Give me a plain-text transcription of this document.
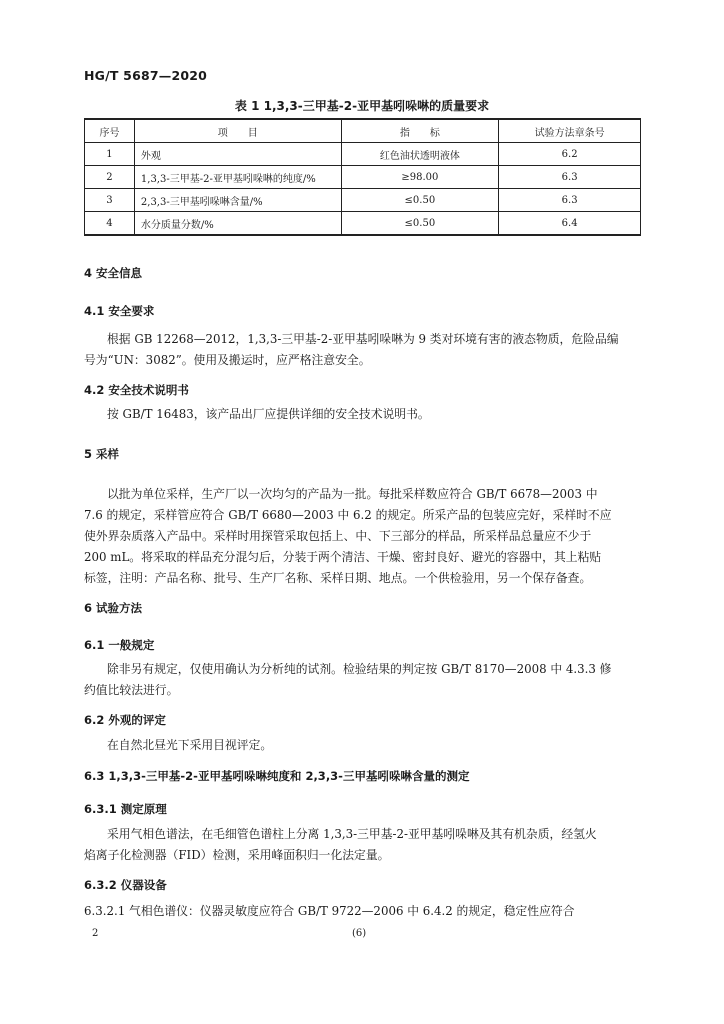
HG/T 5687—2020
表 1 1,3,3-三甲基-2-亚甲基吲哚啉的质量要求
序号	项　　目	指　　标	试验方法章条号
1	外观	红色油状透明液体	6.2
2	1,3,3-三甲基-2-亚甲基吲哚啉的纯度/%	≥98.00	6.3
3	2,3,3-三甲基吲哚啉含量/%	≤0.50	6.3
4	水分质量分数/%	≤0.50	6.4
4 安全信息
4.1 安全要求
根据 GB 12268—2012，1,3,3-三甲基-2-亚甲基吲哚啉为 9 类对环境有害的液态物质，危险品编
号为“UN：3082”。使用及搬运时，应严格注意安全。
4.2 安全技术说明书
按 GB/T 16483，该产品出厂应提供详细的安全技术说明书。
5 采样
以批为单位采样，生产厂以一次均匀的产品为一批。每批采样数应符合 GB/T 6678—2003 中
7.6 的规定，采样管应符合 GB/T 6680—2003 中 6.2 的规定。所采产品的包装应完好，采样时不应
使外界杂质落入产品中。采样时用探管采取包括上、中、下三部分的样品，所采样品总量应不少于
200 mL。将采取的样品充分混匀后，分装于两个清洁、干燥、密封良好、避光的容器中，其上粘贴
标签，注明：产品名称、批号、生产厂名称、采样日期、地点。一个供检验用，另一个保存备查。
6 试验方法
6.1 一般规定
除非另有规定，仅使用确认为分析纯的试剂。检验结果的判定按 GB/T 8170—2008 中 4.3.3 修
约值比较法进行。
6.2 外观的评定
在自然北昼光下采用目视评定。
6.3 1,3,3-三甲基-2-亚甲基吲哚啉纯度和 2,3,3-三甲基吲哚啉含量的测定
6.3.1 测定原理
采用气相色谱法，在毛细管色谱柱上分离 1,3,3-三甲基-2-亚甲基吲哚啉及其有机杂质，经氢火
焰离子化检测器（FID）检测，采用峰面积归一化法定量。
6.3.2 仪器设备
6.3.2.1 气相色谱仪：仪器灵敏度应符合 GB/T 9722—2006 中 6.4.2 的规定，稳定性应符合
2	(6)
